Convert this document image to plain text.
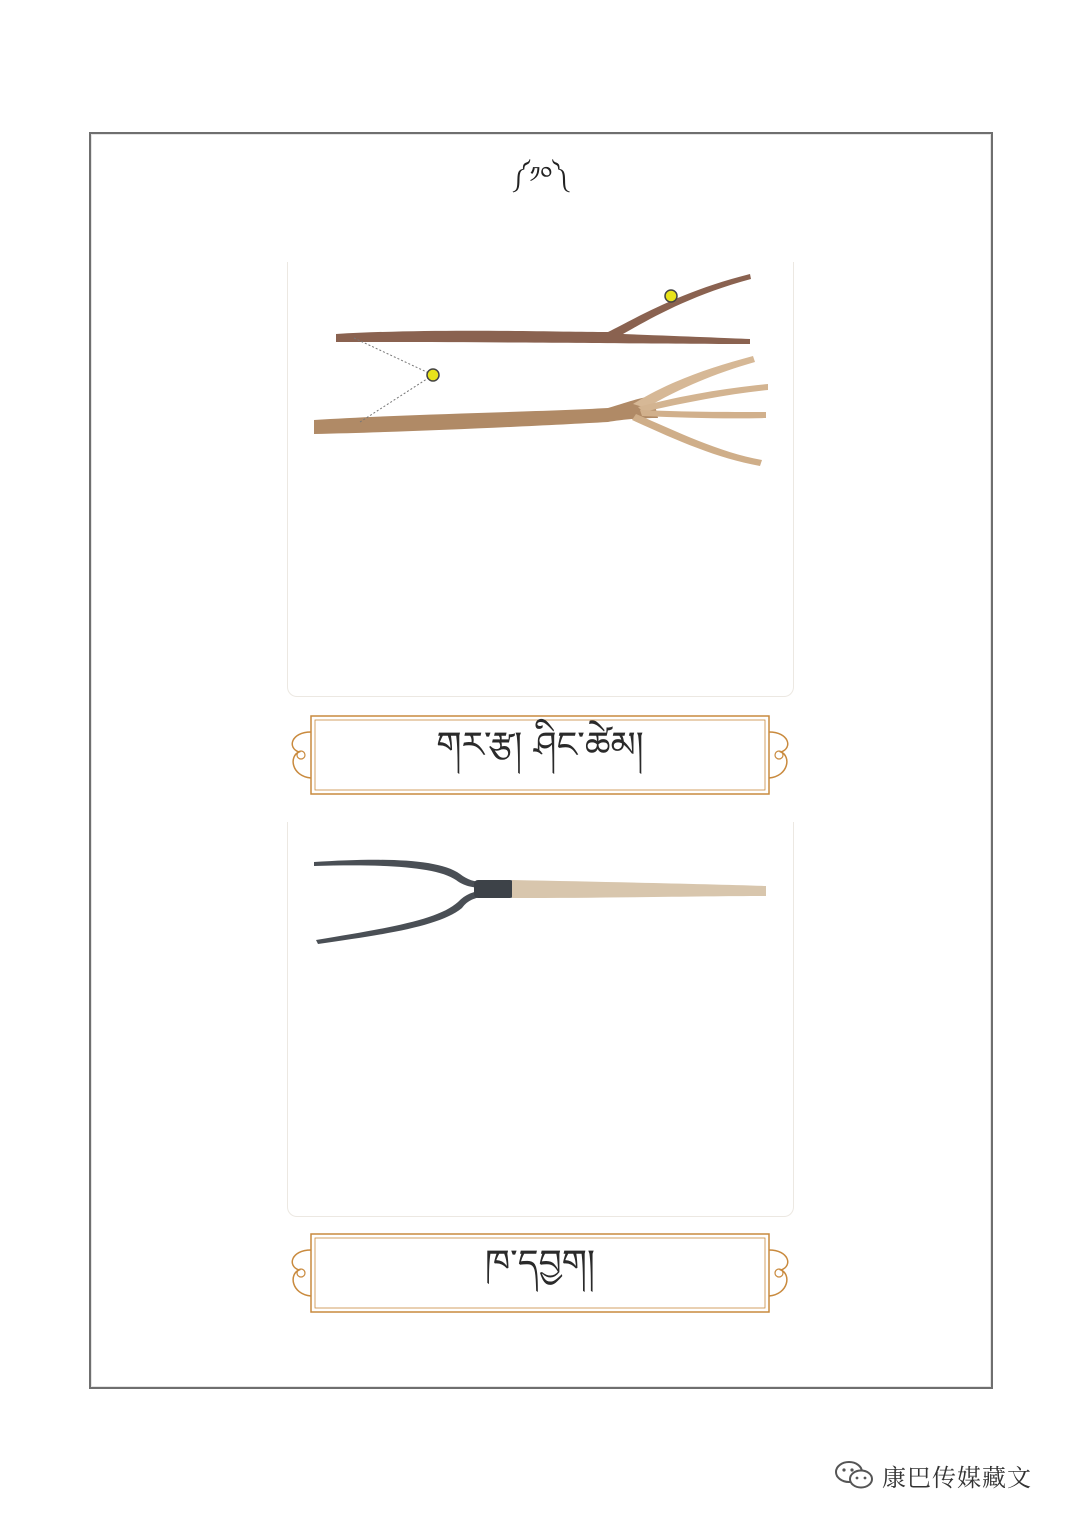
༼༡༠༽
གར་རྩ། ཤིང་ཚེམ།
ཁ་དབྱག།
康巴传媒藏文
